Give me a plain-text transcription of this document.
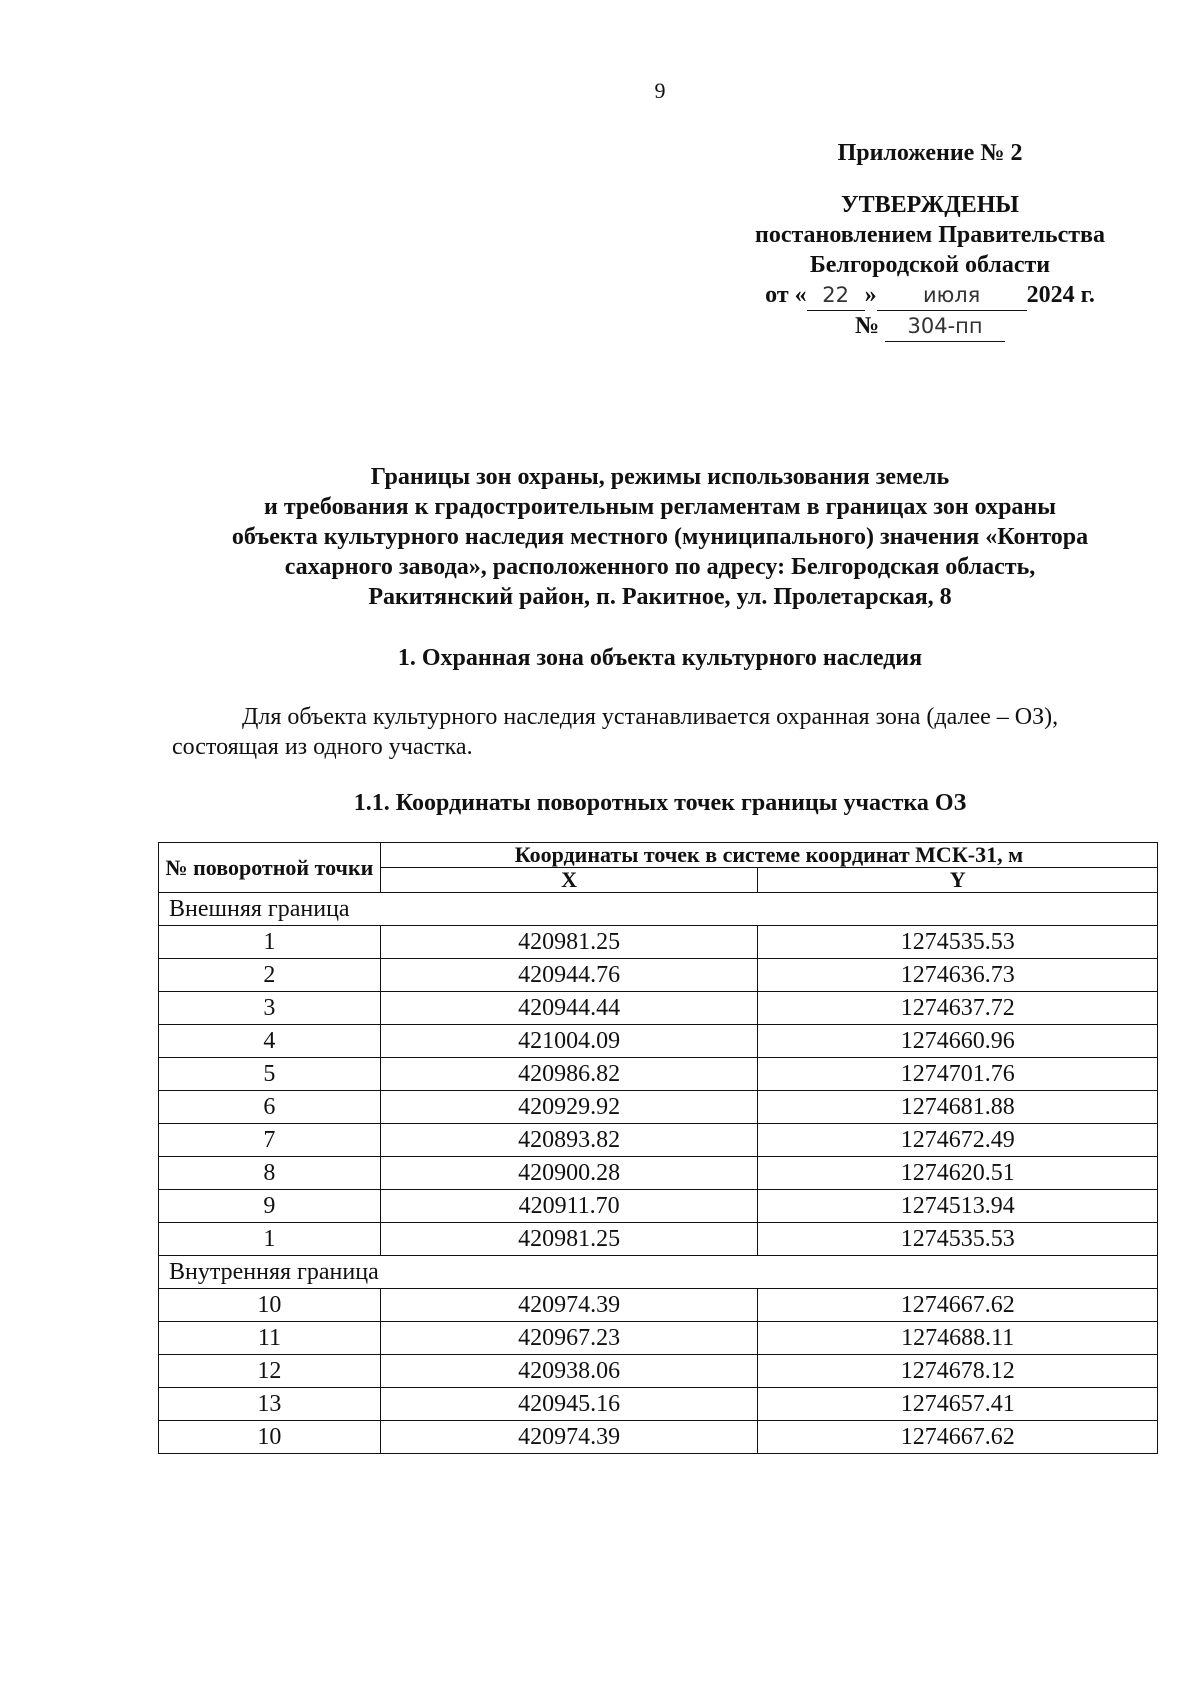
9
Приложение № 2
УТВЕРЖДЕНЫ
постановлением Правительства
Белгородской области
от « 22 » июля 2024 г.
№ 304-пп
Границы зон охраны, режимы использования земель
и требования к градостроительным регламентам в границах зон охраны
объекта культурного наследия местного (муниципального) значения «Контора
сахарного завода», расположенного по адресу: Белгородская область,
Ракитянский район, п. Ракитное, ул. Пролетарская, 8
1. Охранная зона объекта культурного наследия
Для объекта культурного наследия устанавливается охранная зона (далее – ОЗ), состоящая из одного участка.
1.1. Координаты поворотных точек границы участка ОЗ
№ поворотной точки	Координаты точек в системе координат МСК-31, м	
	X	Y
Внешняя граница		
1	420981.25	1274535.53
2	420944.76	1274636.73
3	420944.44	1274637.72
4	421004.09	1274660.96
5	420986.82	1274701.76
6	420929.92	1274681.88
7	420893.82	1274672.49
8	420900.28	1274620.51
9	420911.70	1274513.94
1	420981.25	1274535.53
Внутренняя граница		
10	420974.39	1274667.62
11	420967.23	1274688.11
12	420938.06	1274678.12
13	420945.16	1274657.41
10	420974.39	1274667.62
